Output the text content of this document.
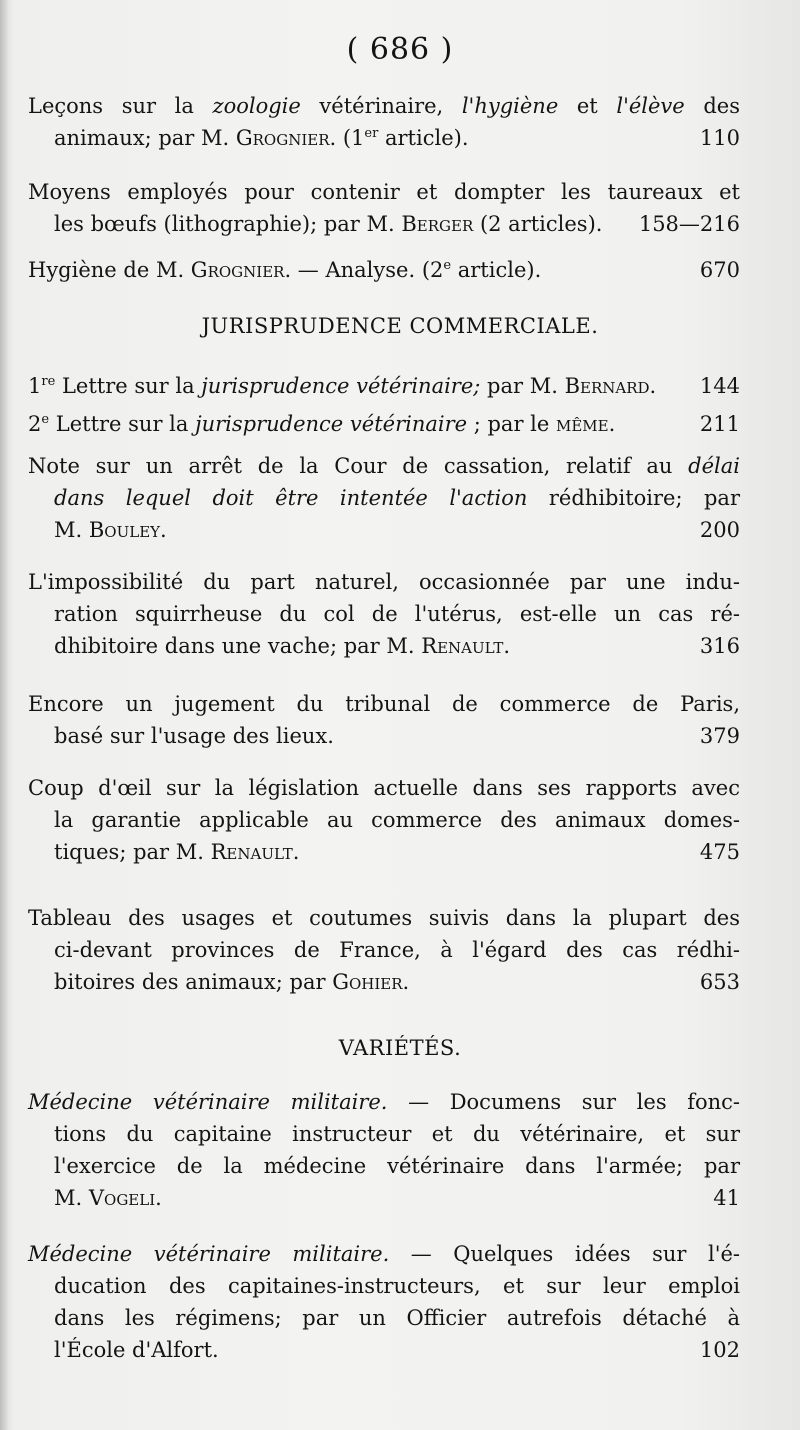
( 686 )
Leçons sur la zoologie vétérinaire, l'hygiène et l'élève des
animaux; par M. Grognier. (1er article).	110
Moyens employés pour contenir et dompter les taureaux et
les bœufs (lithographie); par M. Berger (2 articles). 158—216
Hygiène de M. Grognier. — Analyse. (2e article).	670
JURISPRUDENCE COMMERCIALE.
1re Lettre sur la jurisprudence vétérinaire; par M. Bernard. 144
2e Lettre sur la jurisprudence vétérinaire ; par le même.	211
Note sur un arrêt de la Cour de cassation, relatif au délai
dans lequel doit être intentée l'action rédhibitoire; par
M. Bouley.	200
L'impossibilité du part naturel, occasionnée par une indu-
ration squirrheuse du col de l'utérus, est-elle un cas ré-
dhibitoire dans une vache; par M. Renault.	316
Encore un jugement du tribunal de commerce de Paris,
basé sur l'usage des lieux.	379
Coup d'œil sur la législation actuelle dans ses rapports avec
la garantie applicable au commerce des animaux domes-
tiques; par M. Renault.	475
Tableau des usages et coutumes suivis dans la plupart des
ci-devant provinces de France, à l'égard des cas rédhi-
bitoires des animaux; par Gohier.	653
VARIÉTÉS.
Médecine vétérinaire militaire. — Documens sur les fonc-
tions du capitaine instructeur et du vétérinaire, et sur
l'exercice de la médecine vétérinaire dans l'armée; par
M. Vogeli.	41
Médecine vétérinaire militaire. — Quelques idées sur l'é-
ducation des capitaines-instructeurs, et sur leur emploi
dans les régimens; par un Officier autrefois détaché à
l'École d'Alfort.	102
